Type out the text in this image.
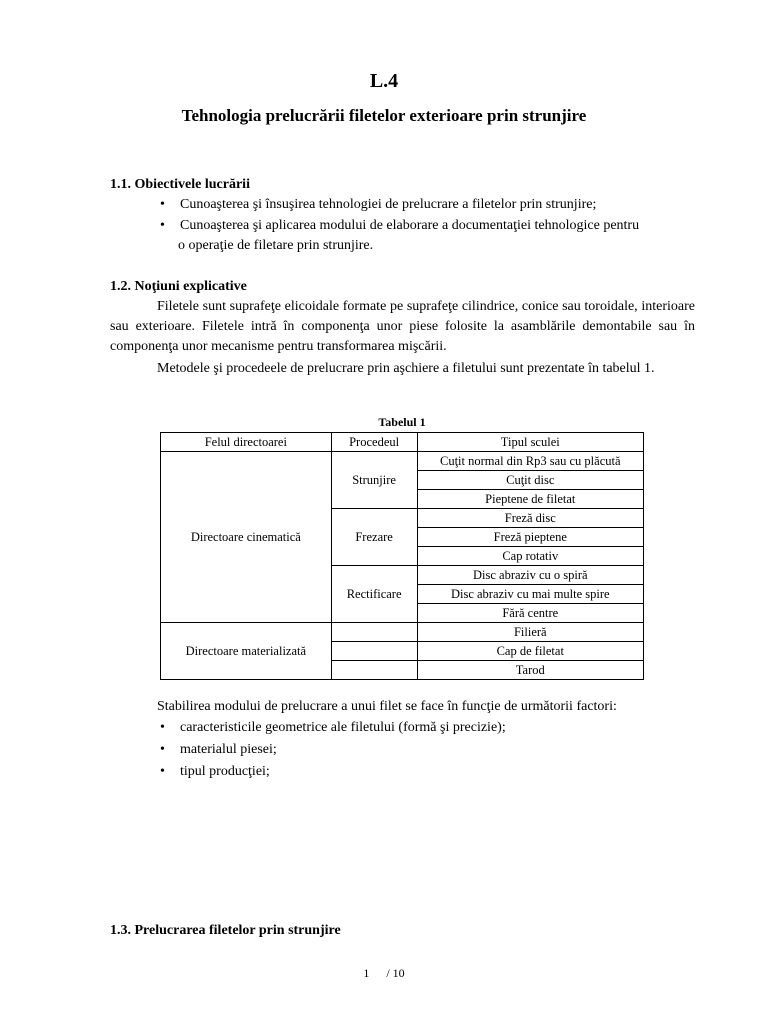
L.4
Tehnologia prelucrării filetelor exterioare prin strunjire
1.1. Obiectivele lucrării
• Cunoaşterea şi însuşirea tehnologiei de prelucrare a filetelor prin strunjire;
• Cunoaşterea şi aplicarea modului de elaborare a documentaţiei tehnologice pentru
o operaţie de filetare prin strunjire.
1.2. Noţiuni explicative
Filetele sunt suprafeţe elicoidale formate pe suprafeţe cilindrice, conice sau toroidale, interioare sau exterioare. Filetele intră în componenţa unor piese folosite la asamblările demontabile sau în componenţa unor mecanisme pentru transformarea mişcării.
Metodele şi procedeele de prelucrare prin aşchiere a filetului sunt prezentate în tabelul 1.
Tabelul 1
Felul directoarei	Procedeul	Tipul sculei
Directoare cinematică	Strunjire	Cuţit normal din Rp3 sau cu plăcută
		Cuţit disc
		Pieptene de filetat
	Frezare	Freză disc
		Freză pieptene
		Cap rotativ
	Rectificare	Disc abraziv cu o spiră
		Disc abraziv cu mai multe spire
		Fără centre
Directoare materializată		Filieră
		Cap de filetat
		Tarod
Stabilirea modului de prelucrare a unui filet se face în funcţie de următorii factori:
• caracteristicile geometrice ale filetului (formă şi precizie);
• materialul piesei;
• tipul producţiei;
1.3. Prelucrarea filetelor prin strunjire
1 / 10
